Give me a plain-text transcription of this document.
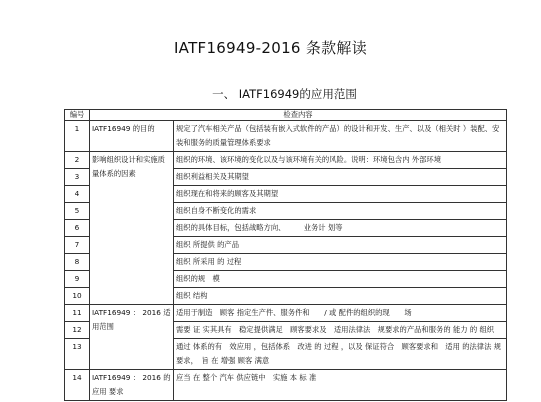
IATF16949-2016 条款解读
一、 IATF16949的应用范围
编号	检查内容	
1	IATF16949 的目的	规定了汽车相关产品（包括装有嵌入式软件的产品）的设计和开发、生产、以及（相关时 ）装配、安装和服务的质量管理体系要求
2	影响组织设计和实施质量体系的因素	组织的环境、该环境的变化以及与该环境有关的风险。说明：环境包含内 外部环境
3		组织利益相关及其期望
4		组织现在和将来的顾客及其期望
5		组织自身不断变化的需求
6		组织的具体目标，包括战略方向、　　　业务计 划等
7		组织 所提供 的产品
8		组织 所采用 的 过程
9		组织的规　模
10		组织 结构
11	IATF16949 ： 2016 适用范围	适用于制造　顾客 指定生产件、服务件和　　/ 或 配件的组织的现　　场
12		需要 证 实其具有　稳定提供满足　顾客要求及　适用法律法　规要求的产品和服务的 能力 的 组织
13		通过 体系的有　效应用 ，包括体系　改进 的 过程 ，以及 保证符合　顾客要求和　适用 的法律法 规要求，　旨 在 增强 顾客 满意
14	IATF16949 ： 2016 的 应用 要求	应当 在 整个 汽车 供应链中　实施 本 标 准
